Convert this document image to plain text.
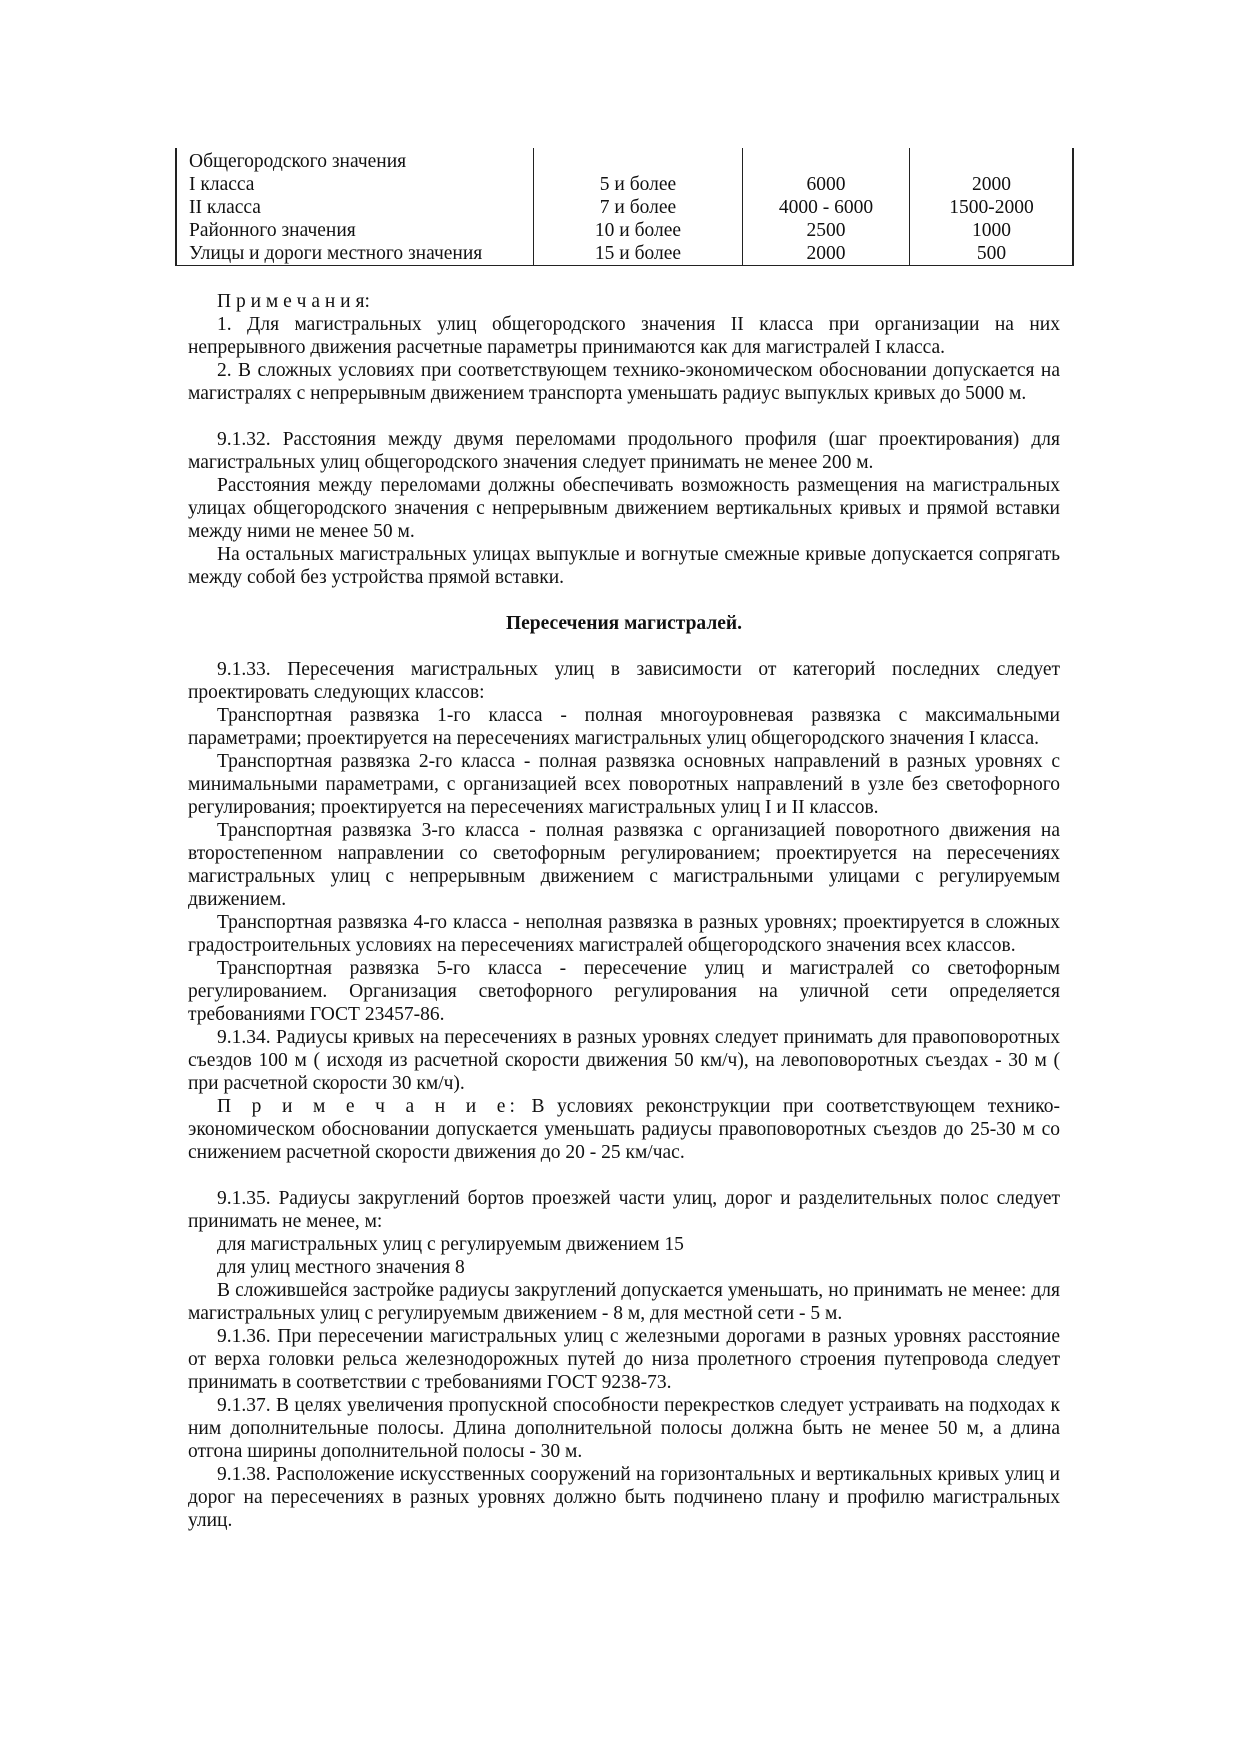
Общегородского значения			
I класса	5 и более	6000	2000
II класса	7 и более	4000 - 6000	1500-2000
Районного значения	10 и более	2500	1000
Улицы и дороги местного значения	15 и более	2000	500

П р и м е ч а н и я:

1. Для магистральных улиц общегородского значения II класса при организации на них непрерывного движения расчетные параметры принимаются как для магистралей I класса.

2. В сложных условиях при соответствующем технико-экономическом обосновании допускается на магистралях с непрерывным движением транспорта уменьшать радиус выпуклых кривых до 5000 м.

9.1.32. Расстояния между двумя переломами продольного профиля (шаг проектирования) для магистральных улиц общегородского значения следует принимать не менее 200 м.

Расстояния между переломами должны обеспечивать возможность размещения на магистральных улицах общегородского значения с непрерывным движением вертикальных кривых и прямой вставки между ними не менее 50 м.

На остальных магистральных улицах выпуклые и вогнутые смежные кривые допускается сопрягать между собой без устройства прямой вставки.

Пересечения магистралей.

9.1.33. Пересечения магистральных улиц в зависимости от категорий последних следует проектировать следующих классов:

Транспортная развязка 1-го класса - полная многоуровневая развязка с максимальными параметрами; проектируется на пересечениях магистральных улиц общегородского значения I класса.

Транспортная развязка 2-го класса - полная развязка основных направлений в разных уровнях с минимальными параметрами, с организацией всех поворотных направлений в узле без светофорного регулирования; проектируется на пересечениях магистральных улиц I и II классов.

Транспортная развязка 3-го класса - полная развязка с организацией поворотного движения на второстепенном направлении со светофорным регулированием; проектируется на пересечениях магистральных улиц с непрерывным движением с магистральными улицами с регулируемым движением.

Транспортная развязка 4-го класса - неполная развязка в разных уровнях; проектируется в сложных градостроительных условиях на пересечениях магистралей общегородского значения всех классов.

Транспортная развязка 5-го класса - пересечение улиц и магистралей со светофорным регулированием. Организация светофорного регулирования на уличной сети определяется требованиями ГОСТ 23457-86.

9.1.34. Радиусы кривых на пересечениях в разных уровнях следует принимать для правоповоротных съездов 100 м ( исходя из расчетной скорости движения 50 км/ч), на левоповоротных съездах - 30 м ( при расчетной скорости 30 км/ч).

П р и м е ч а н и е: В условиях реконструкции при соответствующем технико-экономическом обосновании допускается уменьшать радиусы правоповоротных съездов до 25-30 м со снижением расчетной скорости движения до 20 - 25 км/час.

9.1.35. Радиусы закруглений бортов проезжей части улиц, дорог и разделительных полос следует принимать не менее, м:

для магистральных улиц с регулируемым движением 15

для улиц местного значения 8

В сложившейся застройке радиусы закруглений допускается уменьшать, но принимать не менее: для магистральных улиц с регулируемым движением - 8 м, для местной сети - 5 м.

9.1.36. При пересечении магистральных улиц с железными дорогами в разных уровнях расстояние от верха головки рельса железнодорожных путей до низа пролетного строения путепровода следует принимать в соответствии с требованиями ГОСТ 9238-73.

9.1.37. В целях увеличения пропускной способности перекрестков следует устраивать на подходах к ним дополнительные полосы. Длина дополнительной полосы должна быть не менее 50 м, а длина отгона ширины дополнительной полосы - 30 м.

9.1.38. Расположение искусственных сооружений на горизонтальных и вертикальных кривых улиц и дорог на пересечениях в разных уровнях должно быть подчинено плану и профилю магистральных улиц.
